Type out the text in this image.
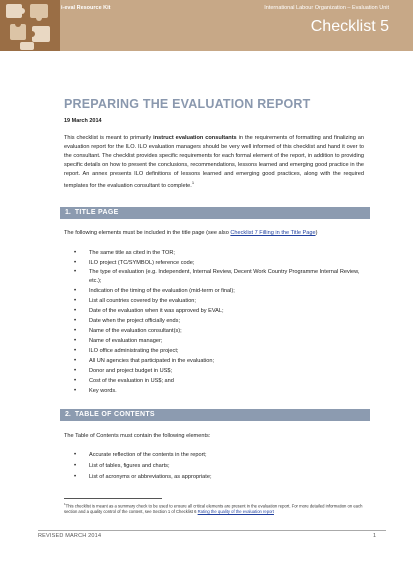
i-eval Resource Kit	International Labour Organization – Evaluation Unit
Checklist 5
PREPARING THE EVALUATION REPORT
19 March 2014
This checklist is meant to primarily instruct evaluation consultants in the requirements of formatting and finalizing an evaluation report for the ILO. ILO evaluation managers should be very well informed of this checklist and hand it over to the consultant. The checklist provides specific requirements for each formal element of the report, in addition to providing specific details on how to present the conclusions, recommendations, lessons learned and emerging good practice in the report. An annex presents ILO definitions of lessons learned and emerging good practices, along with the required templates for the evaluation consultant to complete.$^1$
1. TITLE PAGE
The following elements must be included in the title page (see also Checklist 7 Filling in the Title Page)
• The same title as cited in the TOR;
• ILO project (TC/SYMBOL) reference code;
• The type of evaluation (e.g. Independent, Internal Review, Decent Work Country Programme Internal Review, etc.);
• Indication of the timing of the evaluation (mid-term or final);
• List all countries covered by the evaluation;
• Date of the evaluation when it was approved by EVAL;
• Date when the project officially ends;
• Name of the evaluation consultant(s);
• Name of evaluation manager;
• ILO office administrating the project;
• All UN agencies that participated in the evaluation;
• Donor and project budget in US$;
• Cost of the evaluation in US$; and
• Key words.
2. TABLE OF CONTENTS
The Table of Contents must contain the following elements:
• Accurate reflection of the contents in the report;
• List of tables, figures and charts;
• List of acronyms or abbreviations, as appropriate;
$^1$This checklist is meant as a summary check to be used to ensure all critical elements are present in the evaluation report. For more detailed information on each section and a quality control of the content, see Section 1 of Checklist 6 Rating the quality of the evaluation report
REVISED MARCH 2014	1
